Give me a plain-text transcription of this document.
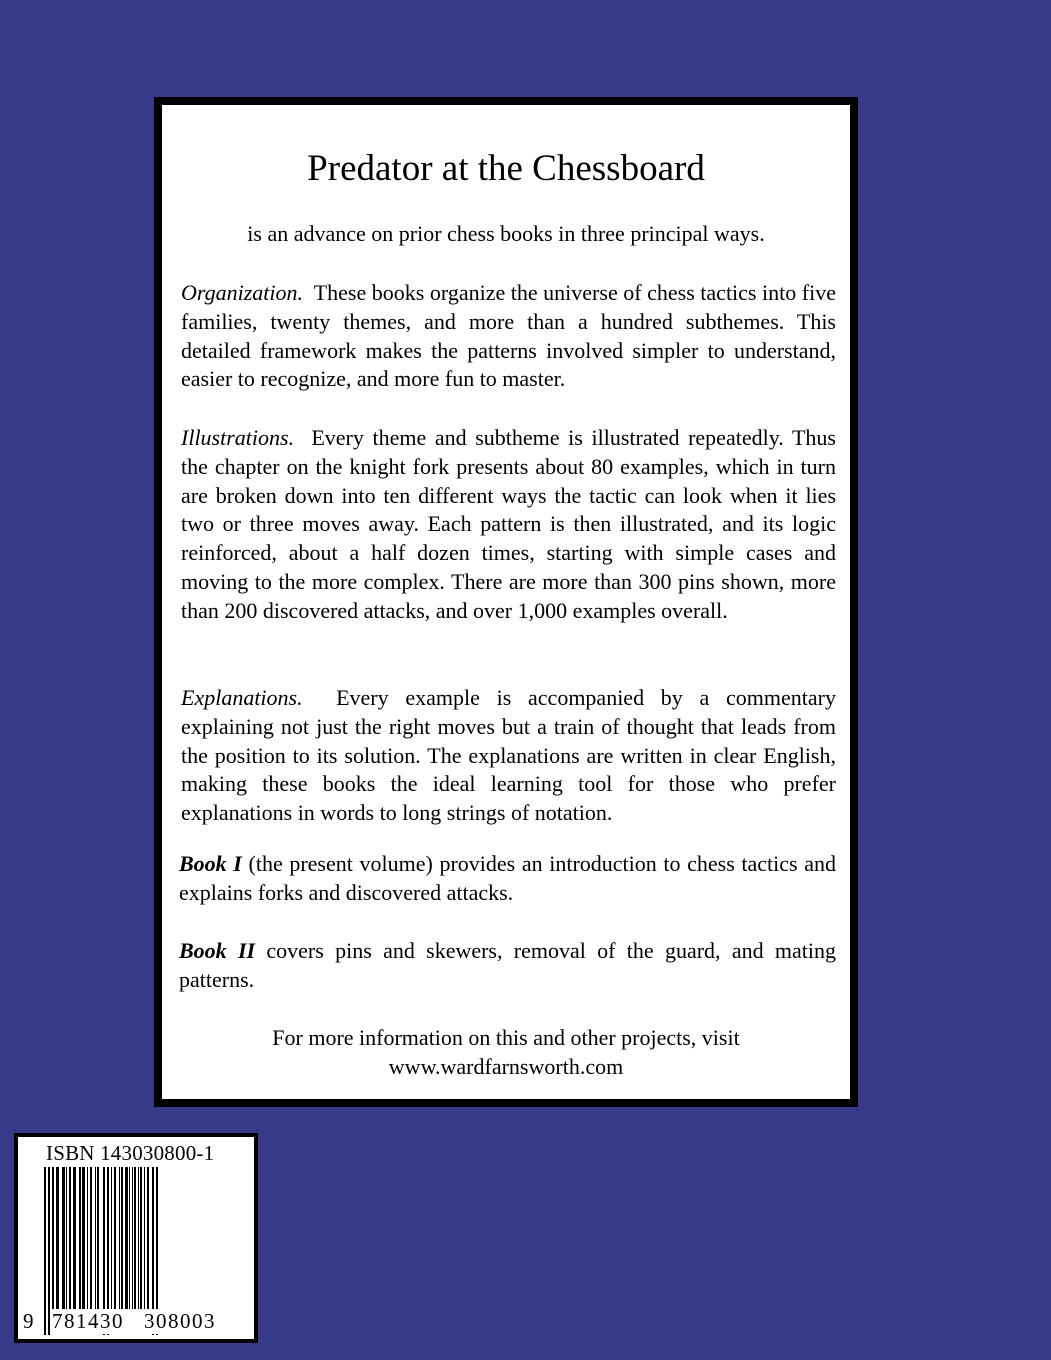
Predator at the Chessboard

is an advance on prior chess books in three principal ways.

Organization. These books organize the universe of chess tactics into five families, twenty themes, and more than a hundred subthemes. This detailed framework makes the patterns involved simpler to understand, easier to recognize, and more fun to master.

Illustrations. Every theme and subtheme is illustrated repeatedly. Thus the chapter on the knight fork presents about 80 examples, which in turn are broken down into ten different ways the tactic can look when it lies two or three moves away. Each pattern is then illustrated, and its logic reinforced, about a half dozen times, starting with simple cases and moving to the more complex. There are more than 300 pins shown, more than 200 discovered attacks, and over 1,000 examples overall.

Explanations. Every example is accompanied by a commentary explaining not just the right moves but a train of thought that leads from the position to its solution. The explanations are written in clear English, making these books the ideal learning tool for those who prefer explanations in words to long strings of notation.

Book I (the present volume) provides an introduction to chess tactics and explains forks and discovered attacks.

Book II covers pins and skewers, removal of the guard, and mating patterns.

For more information on this and other projects, visit
www.wardfarnsworth.com
ISBN 143030800-1
9 781430 308003
